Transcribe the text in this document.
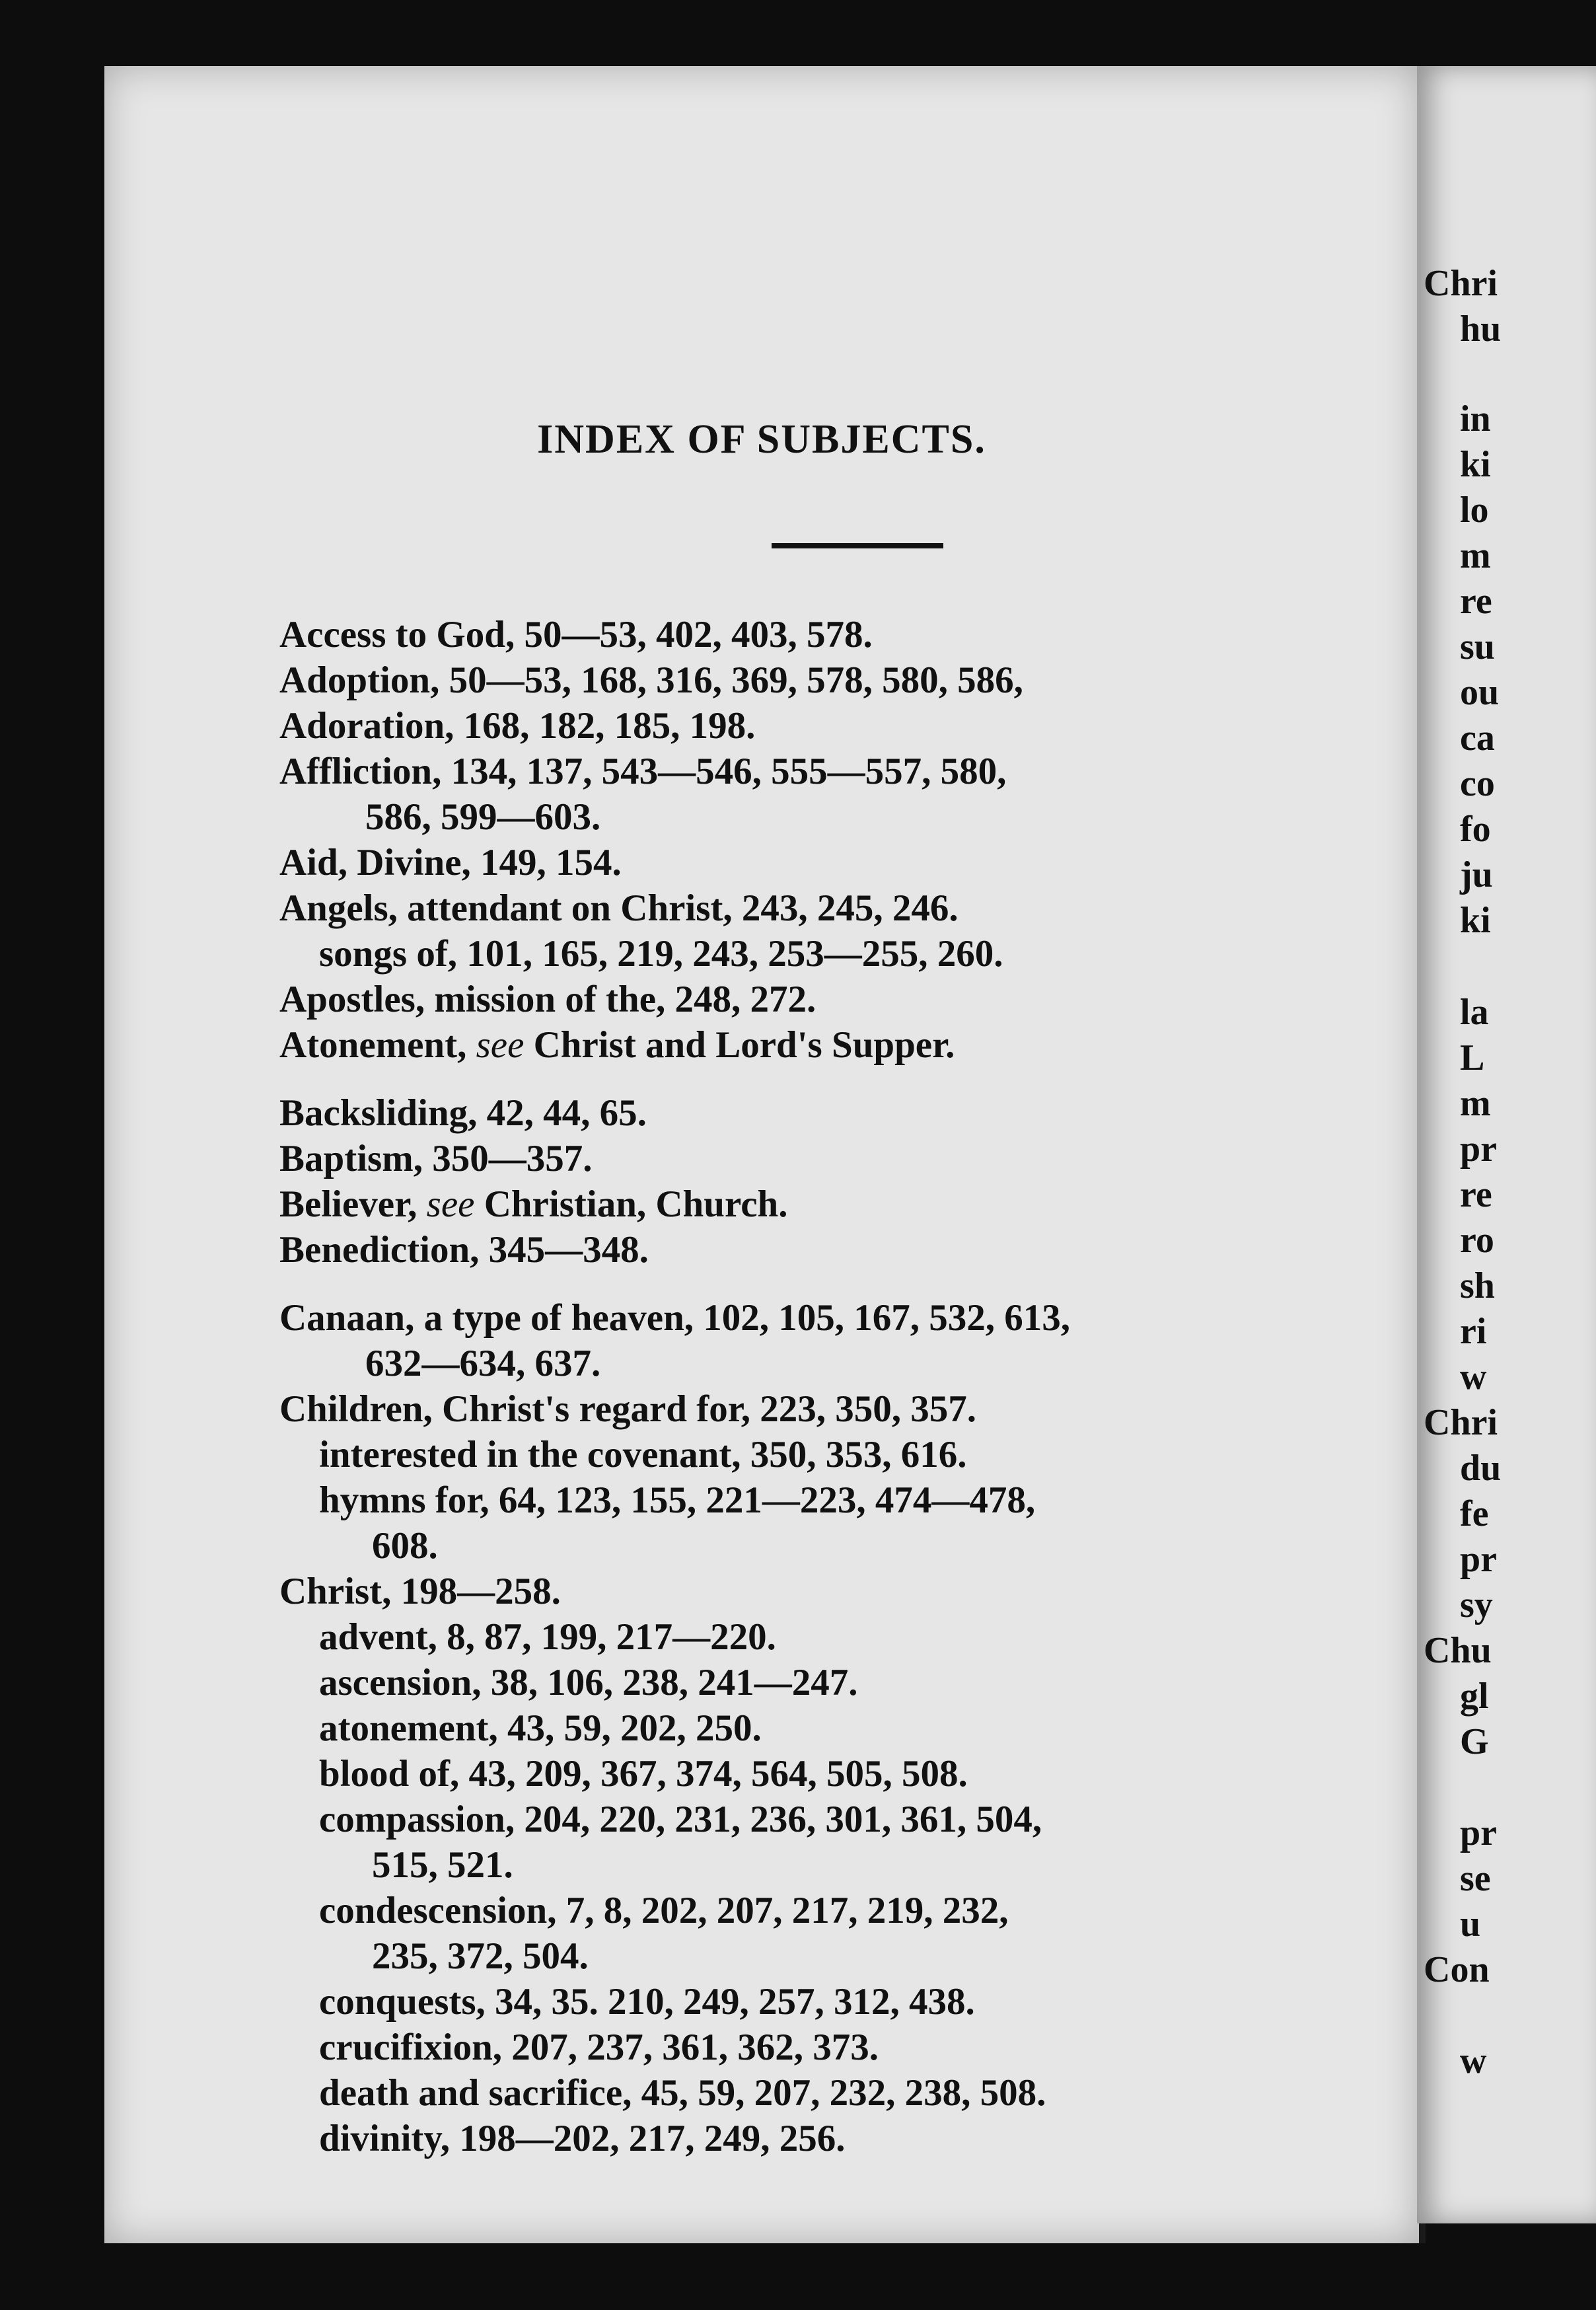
INDEX OF SUBJECTS.
Access to God, 50—53, 402, 403, 578.
Adoption, 50—53, 168, 316, 369, 578, 580, 586,
Adoration, 168, 182, 185, 198.
Affliction, 134, 137, 543—546, 555—557, 580,
586, 599—603.
Aid, Divine, 149, 154.
Angels, attendant on Christ, 243, 245, 246.
songs of, 101, 165, 219, 243, 253—255, 260.
Apostles, mission of the, 248, 272.
Atonement, see Christ and Lord's Supper.
Backsliding, 42, 44, 65.
Baptism, 350—357.
Believer, see Christian, Church.
Benediction, 345—348.
Canaan, a type of heaven, 102, 105, 167, 532, 613,
632—634, 637.
Children, Christ's regard for, 223, 350, 357.
interested in the covenant, 350, 353, 616.
hymns for, 64, 123, 155, 221—223, 474—478,
608.
Christ, 198—258.
advent, 8, 87, 199, 217—220.
ascension, 38, 106, 238, 241—247.
atonement, 43, 59, 202, 250.
blood of, 43, 209, 367, 374, 564, 505, 508.
compassion, 204, 220, 231, 236, 301, 361, 504,
515, 521.
condescension, 7, 8, 202, 207, 217, 219, 232,
235, 372, 504.
conquests, 34, 35. 210, 249, 257, 312, 438.
crucifixion, 207, 237, 361, 362, 373.
death and sacrifice, 45, 59, 207, 232, 238, 508.
divinity, 198—202, 217, 249, 256.
Chri
hu
in
ki
lo
m
re
su
ou
ca
co
fo
ju
ki
la
L
m
pr
re
ro
sh
ri
w
Chri
du
fe
pr
sy
Chu
gl
G
pr
se
u
Con
w
